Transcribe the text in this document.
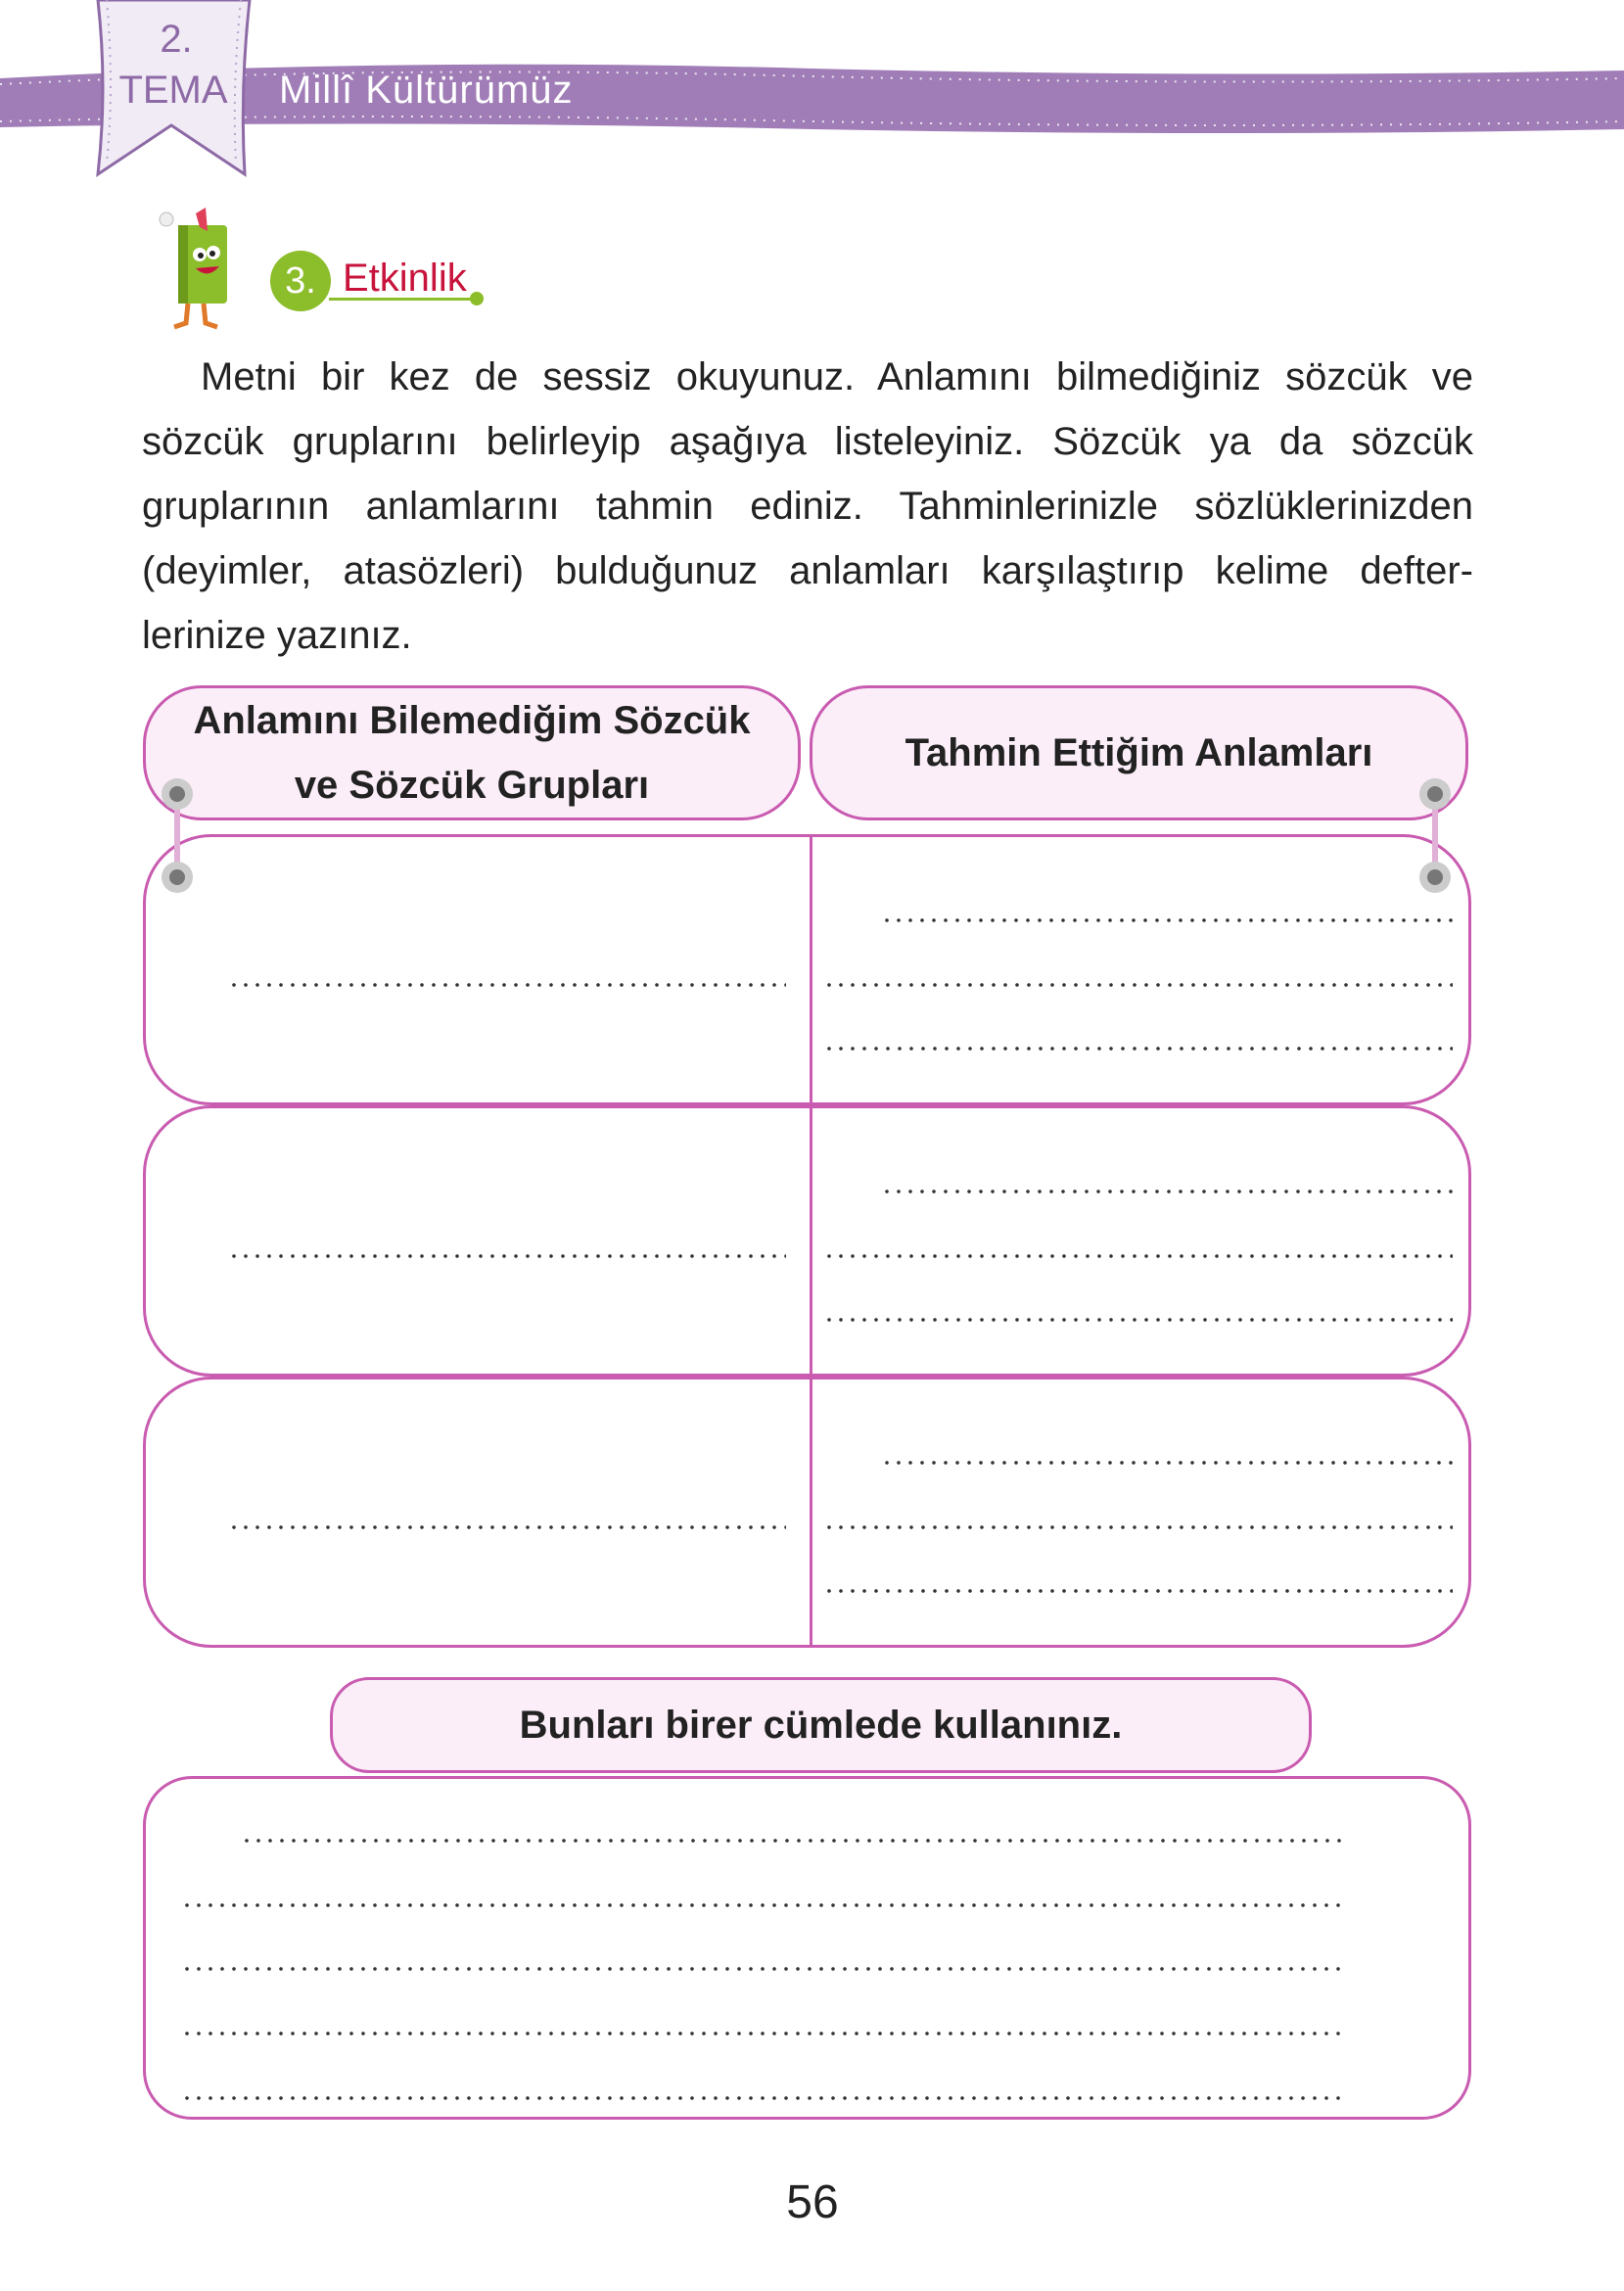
2.
TEMA Millî Kültürümüz
3. Etkinlik

Metni bir kez de sessiz okuyunuz. Anlamını bilmediğiniz sözcük ve sözcük gruplarını belirleyip aşağıya listeleyiniz. Sözcük ya da sözcük gruplarının anlamlarını tahmin ediniz. Tahminlerinizle sözlüklerinizden (deyimler, atasözleri) bulduğunuz anlamları karşılaştırıp kelime defter-lerinize yazınız.

Anlamını Bilemediğim Sözcük
ve Sözcük Grupları
Tahmin Ettiğim Anlamları
Bunları birer cümlede kullanınız.
56
